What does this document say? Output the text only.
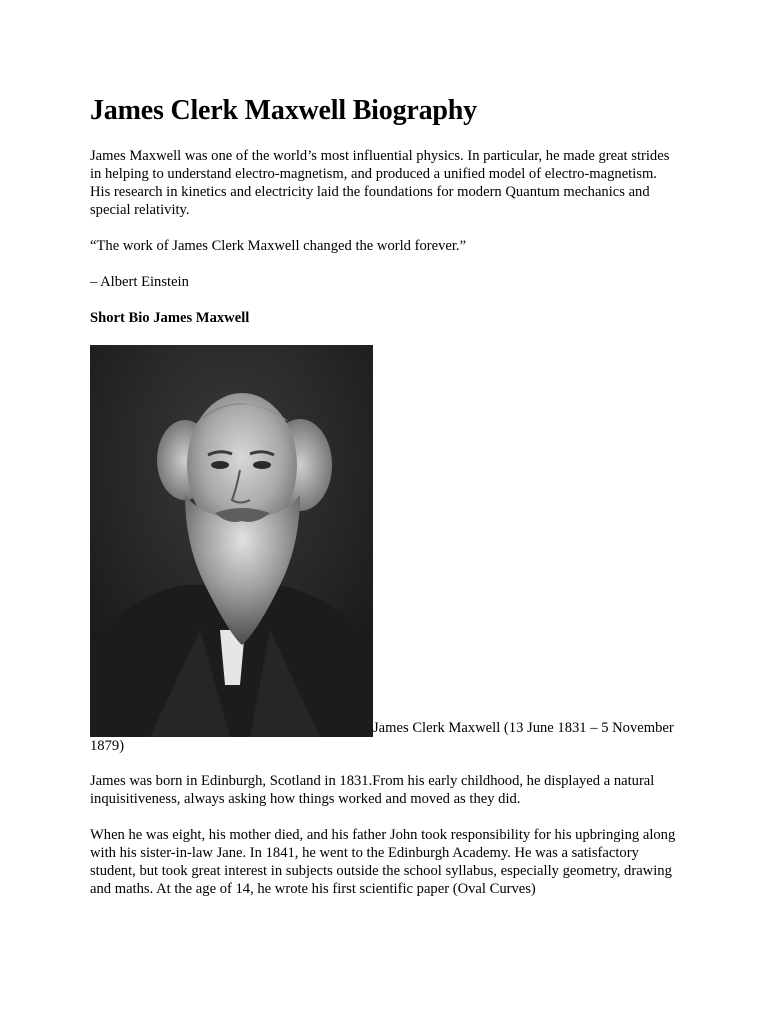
James Clerk Maxwell Biography

James Maxwell was one of the world’s most influential physics. In particular, he made great strides in helping to understand electro-magnetism, and produced a unified model of electro-magnetism. His research in kinetics and electricity laid the foundations for modern Quantum mechanics and special relativity.

“The work of James Clerk Maxwell changed the world forever.”

– Albert Einstein

Short Bio James Maxwell

James Clerk Maxwell (13 June 1831 – 5 November 1879)

James was born in Edinburgh, Scotland in 1831.From his early childhood, he displayed a natural inquisitiveness, always asking how things worked and moved as they did.

When he was eight, his mother died, and his father John took responsibility for his upbringing along with his sister-in-law Jane. In 1841, he went to the Edinburgh Academy. He was a satisfactory student, but took great interest in subjects outside the school syllabus, especially geometry, drawing and maths. At the age of 14, he wrote his first scientific paper (Oval Curves)
